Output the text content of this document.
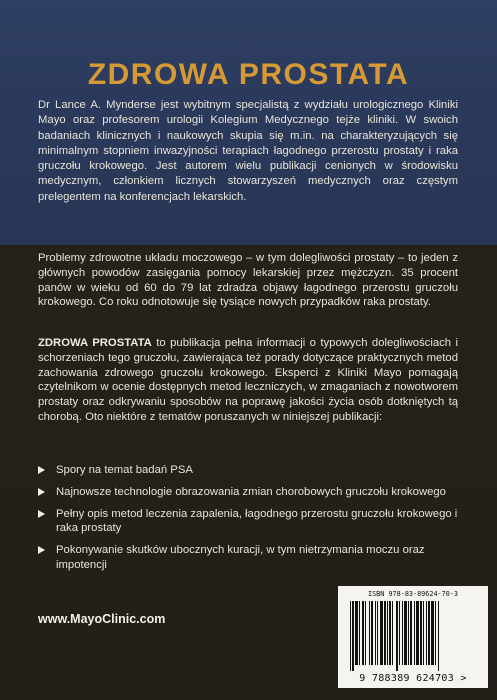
ZDROWA PROSTATA
Dr Lance A. Mynderse jest wybitnym specjalistą z wydziału urologicznego Kliniki Mayo oraz profesorem urologii Kolegium Medycznego tejże kliniki. W swoich badaniach klinicznych i naukowych skupia się m.in. na charakteryzujących się minimalnym stopniem inwazyjności terapiach łagodnego przerostu prostaty i raka gruczołu krokowego. Jest autorem wielu publikacji cenionych w środowisku medycznym, członkiem licznych stowarzyszeń medycznych oraz częstym prelegentem na konferencjach lekarskich.
Problemy zdrowotne układu moczowego – w tym dolegliwości prostaty – to jeden z głównych powodów zasięgania pomocy lekarskiej przez mężczyzn. 35 procent panów w wieku od 60 do 79 lat zdradza objawy łagodnego przerostu gruczołu krokowego. Co roku odnotowuje się tysiące nowych przypadków raka prostaty.
ZDROWA PROSTATA to publikacja pełna informacji o typowych dolegliwościach i schorzeniach tego gruczołu, zawierająca też porady dotyczące praktycznych metod zachowania zdrowego gruczołu krokowego. Eksperci z Kliniki Mayo pomagają czytelnikom w ocenie dostępnych metod leczniczych, w zmaganiach z nowotworem prostaty oraz odkrywaniu sposobów na poprawę jakości życia osób dotkniętych tą chorobą. Oto niektóre z tematów poruszanych w niniejszej publikacji:
Spory na temat badań PSA
Najnowsze technologie obrazowania zmian chorobowych gruczołu krokowego
Pełny opis metod leczenia zapalenia, łagodnego przerostu gruczołu krokowego i raka prostaty
Pokonywanie skutków ubocznych kuracji, w tym nietrzymania moczu oraz impotencji
www.MayoClinic.com
ISBN 978-83-89624-70-3
9 788389 624703 >
